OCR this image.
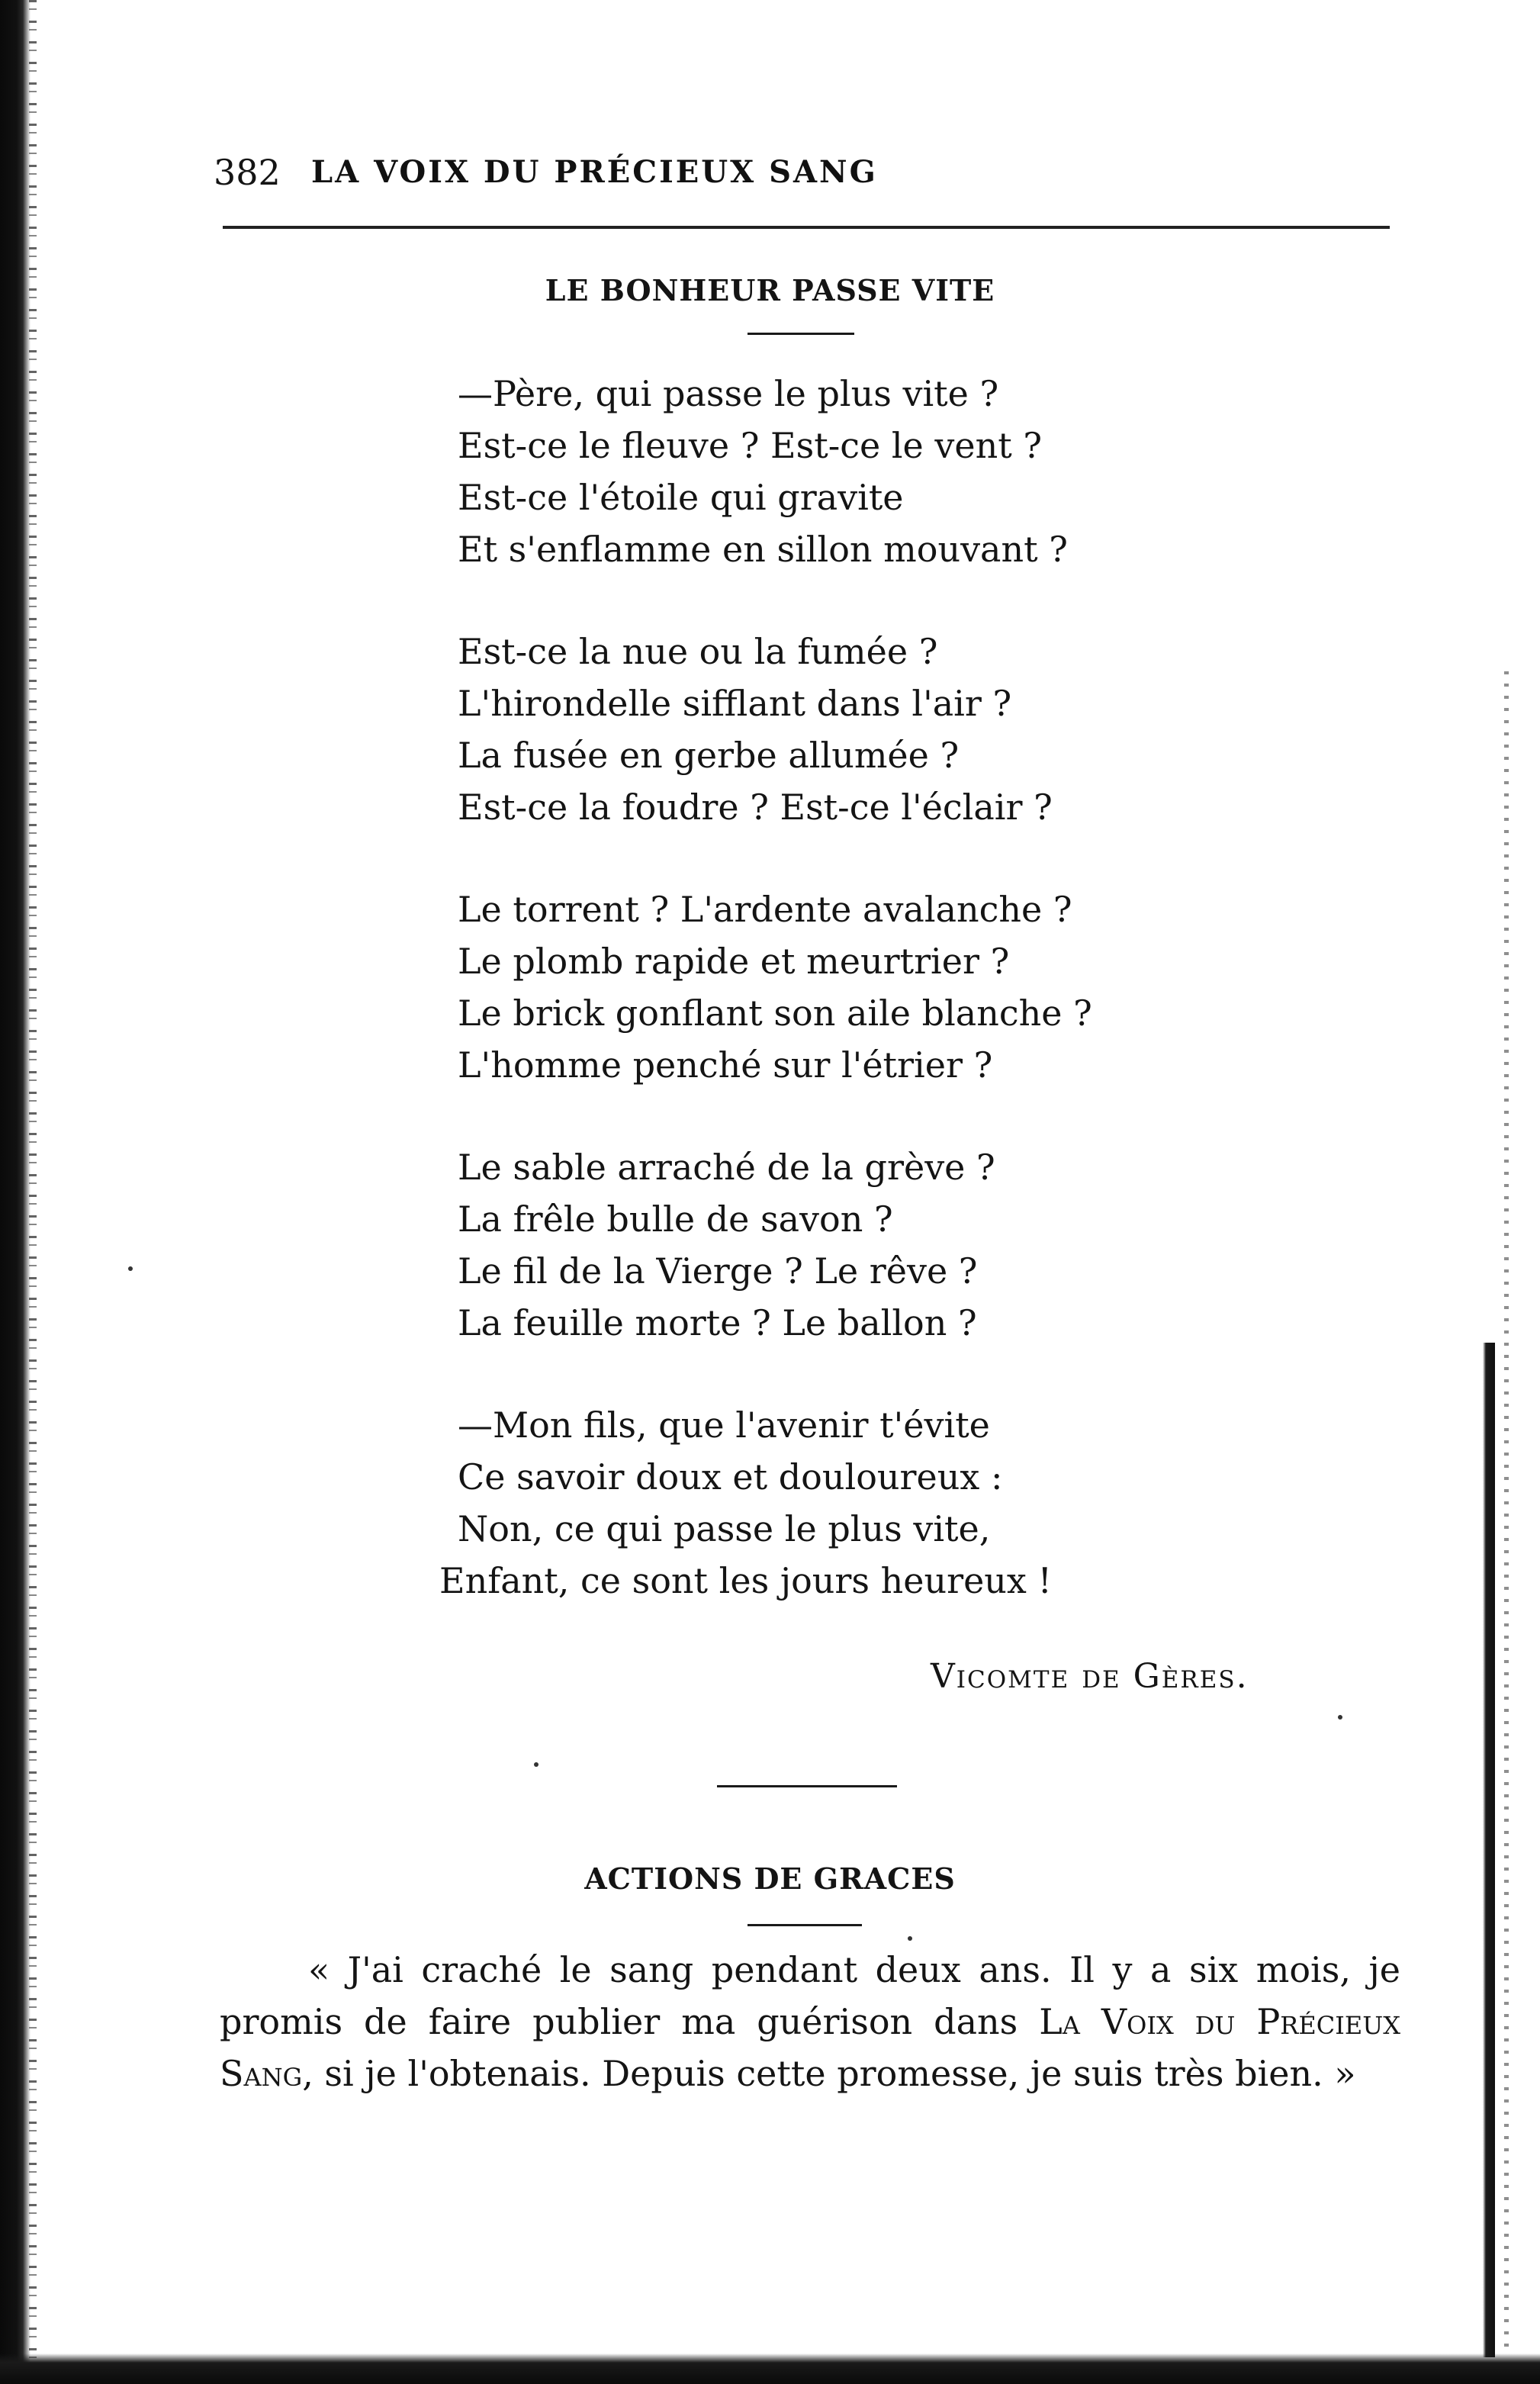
382 LA VOIX DU PRÉCIEUX SANG
LE BONHEUR PASSE VITE
—Père, qui passe le plus vite ?
Est-ce le fleuve ? Est-ce le vent ?
Est-ce l'étoile qui gravite
Et s'enflamme en sillon mouvant ?
Est-ce la nue ou la fumée ?
L'hirondelle sifflant dans l'air ?
La fusée en gerbe allumée ?
Est-ce la foudre ? Est-ce l'éclair ?
Le torrent ? L'ardente avalanche ?
Le plomb rapide et meurtrier ?
Le brick gonflant son aile blanche ?
L'homme penché sur l'étrier ?
Le sable arraché de la grève ?
La frêle bulle de savon ?
Le fil de la Vierge ? Le rêve ?
La feuille morte ? Le ballon ?
—Mon fils, que l'avenir t'évite
Ce savoir doux et douloureux :
Non, ce qui passe le plus vite,
Enfant, ce sont les jours heureux !
Vicomte de Gères.
ACTIONS DE GRACES
« J'ai craché le sang pendant deux ans. Il y a six mois, je promis de faire publier ma guérison dans La Voix du Précieux Sang, si je l'obtenais. Depuis cette promesse, je suis très bien. »
